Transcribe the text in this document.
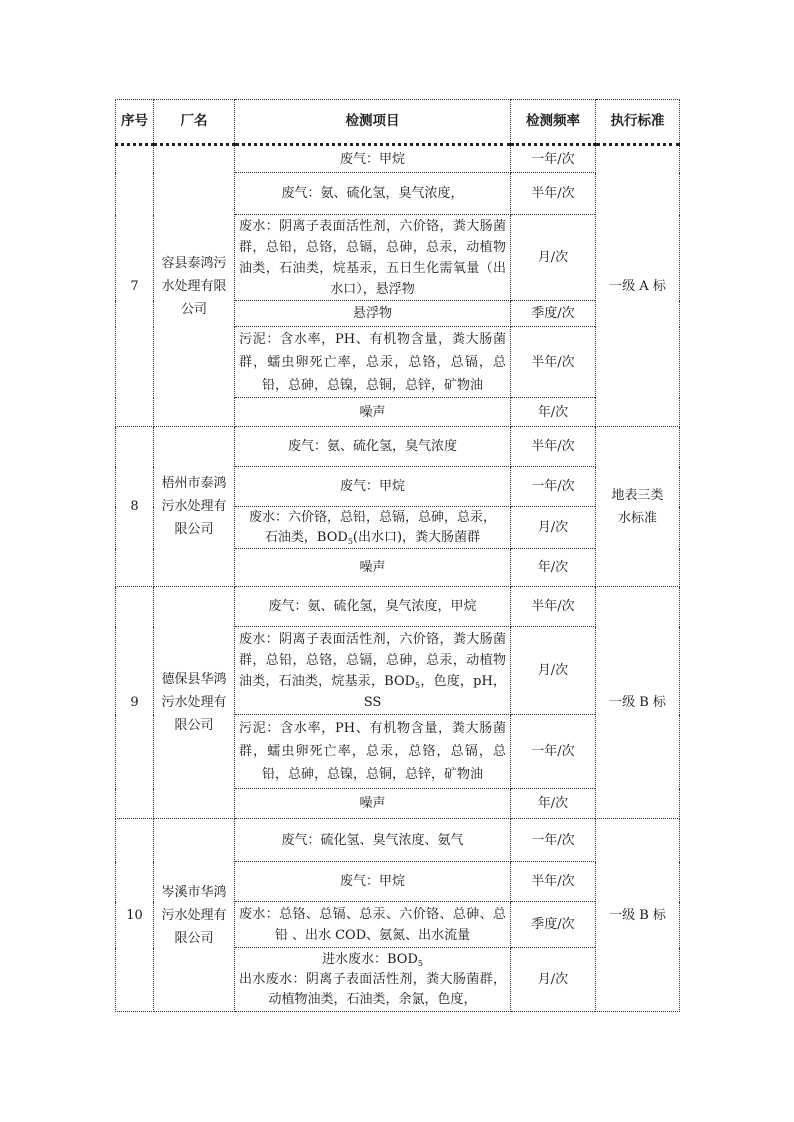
序号	厂名	检测项目	检测频率	执行标准
7	容县泰鸿污水处理有限公司	废气：甲烷	一年/次	一级 A 标
		废气：氨、硫化氢，臭气浓度，	半年/次	
		废水：阴离子表面活性剂，六价铬，粪大肠菌群，总铅，总铬，总镉，总砷，总汞，动植物油类，石油类，烷基汞，五日生化需氧量（出水口），悬浮物	月/次	
		悬浮物	季度/次	
		污泥：含水率，PH、有机物含量，粪大肠菌群，蠕虫卵死亡率，总汞，总铬，总镉，总铅，总砷，总镍，总铜，总锌，矿物油	半年/次	
		噪声	年/次	
8	梧州市泰鸿污水处理有限公司	废气：氨、硫化氢，臭气浓度	半年/次	地表三类水标准
		废气：甲烷	一年/次	

		废水：六价铬，总铅，总镉，总砷，总汞，
石油类，$BOD_5$(出水口)，粪大肠菌群	月/次	
		噪声	年/次	
9	德保县华鸿污水处理有限公司	废气：氨、硫化氢，臭气浓度，甲烷	半年/次	一级 B 标
		废水：阴离子表面活性剂，六价铬，粪大肠菌群，总铅，总铬，总镉，总砷，总汞，动植物油类，石油类，烷基汞，$BOD_5$，色度，pH，SS	月/次	
		污泥：含水率，PH、有机物含量，粪大肠菌群，蠕虫卵死亡率，总汞，总铬，总镉，总铅，总砷，总镍，总铜，总锌，矿物油	一年/次	
		噪声	年/次	
10	岑溪市华鸿污水处理有限公司	废气：硫化氢、臭气浓度、氨气	一年/次	一级 B 标
		废气：甲烷	半年/次	
		废水：总铬、总镉、总汞、六价铬、总砷、总铅 、出水 COD、氨氮、出水流量	季度/次	

		进水废水：$BOD_5$
出水废水：阴离子表面活性剂，粪大肠菌群，动植物油类，石油类，余氯，色度，	月/次	
